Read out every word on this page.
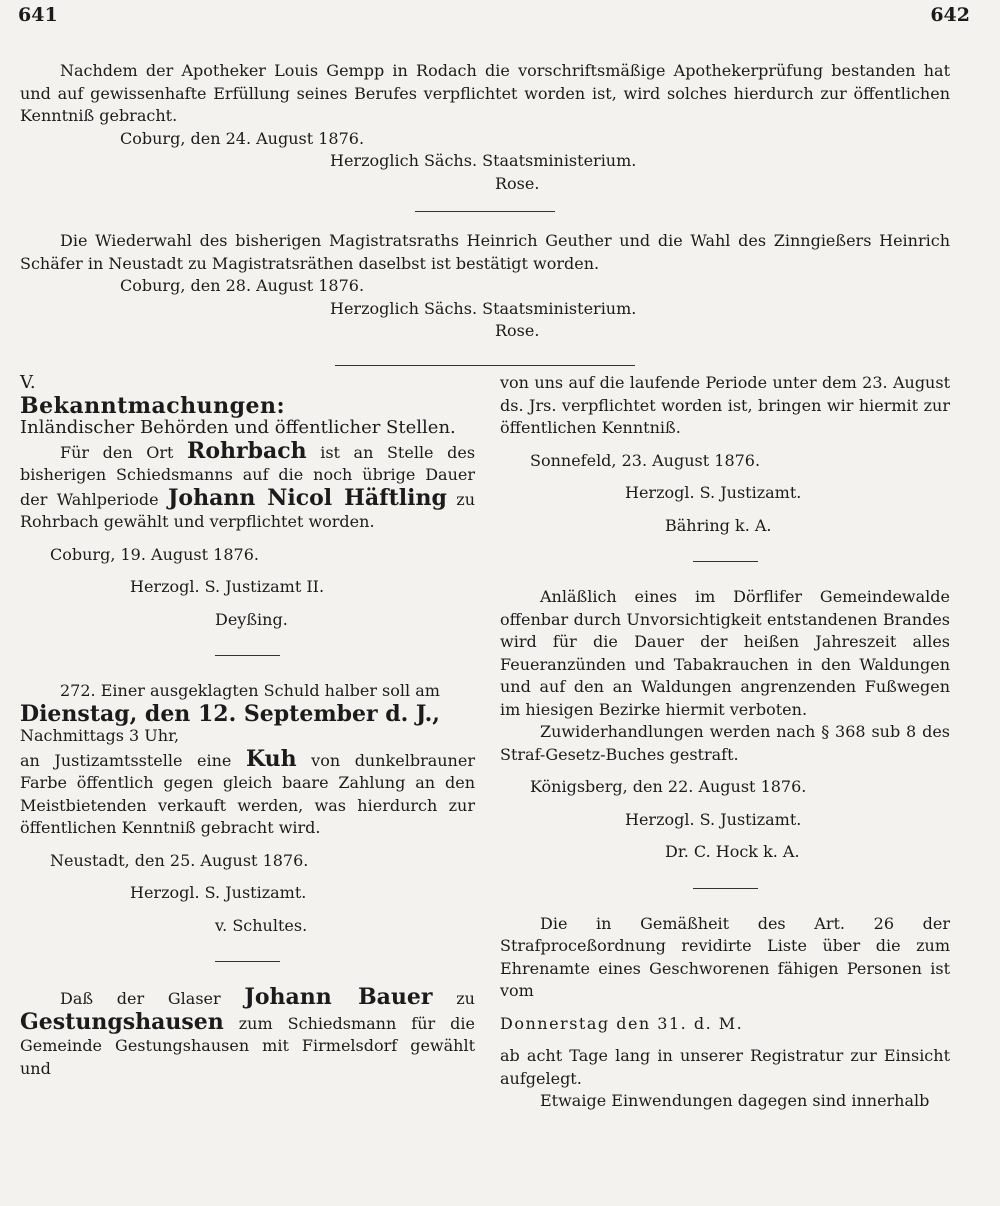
641	642

Nachdem der Apotheker Louis Gempp in Rodach die vorschriftsmäßige Apothekerprüfung bestanden hat und auf gewissenhafte Erfüllung seines Berufes verpflichtet worden ist, wird solches hierdurch zur öffentlichen Kenntniß gebracht.

Coburg, den 24. August 1876.

Herzoglich Sächs. Staatsministerium.

Rose.

Die Wiederwahl des bisherigen Magistratsraths Heinrich Geuther und die Wahl des Zinngießers Heinrich Schäfer in Neustadt zu Magistratsräthen daselbst ist bestätigt worden.

Coburg, den 28. August 1876.

Herzoglich Sächs. Staatsministerium.

Rose.

V.

Bekanntmachungen:

Inländischer Behörden und öffentlicher Stellen.

Für den Ort Rohrbach ist an Stelle des bisherigen Schiedsmanns auf die noch übrige Dauer der Wahlperiode Johann Nicol Häftling zu Rohrbach gewählt und verpflichtet worden.

Coburg, 19. August 1876.

Herzogl. S. Justizamt II.

Deyßing.

272. Einer ausgeklagten Schuld halber soll am

Dienstag, den 12. September d. J.,

Nachmittags 3 Uhr,

an Justizamtsstelle eine Kuh von dunkelbrauner Farbe öffentlich gegen gleich baare Zahlung an den Meistbietenden verkauft werden, was hierdurch zur öffentlichen Kenntniß gebracht wird.

Neustadt, den 25. August 1876.

Herzogl. S. Justizamt.

v. Schultes.

Daß der Glaser Johann Bauer zu Gestungshausen zum Schiedsmann für die Gemeinde Gestungshausen mit Firmelsdorf gewählt und

von uns auf die laufende Periode unter dem 23. August ds. Jrs. verpflichtet worden ist, bringen wir hiermit zur öffentlichen Kenntniß.

Sonnefeld, 23. August 1876.

Herzogl. S. Justizamt.

Bähring k. A.

Anläßlich eines im Dörflifer Gemeindewalde offenbar durch Unvorsichtigkeit entstandenen Brandes wird für die Dauer der heißen Jahreszeit alles Feueranzünden und Tabakrauchen in den Waldungen und auf den an Waldungen angrenzenden Fußwegen im hiesigen Bezirke hiermit verboten.

Zuwiderhandlungen werden nach § 368 sub 8 des Straf-Gesetz-Buches gestraft.

Königsberg, den 22. August 1876.

Herzogl. S. Justizamt.

Dr. C. Hock k. A.

Die in Gemäßheit des Art. 26 der Strafproceßordnung revidirte Liste über die zum Ehrenamte eines Geschworenen fähigen Personen ist vom

Donnerstag den 31. d. M.

ab acht Tage lang in unserer Registratur zur Einsicht aufgelegt.

Etwaige Einwendungen dagegen sind innerhalb
